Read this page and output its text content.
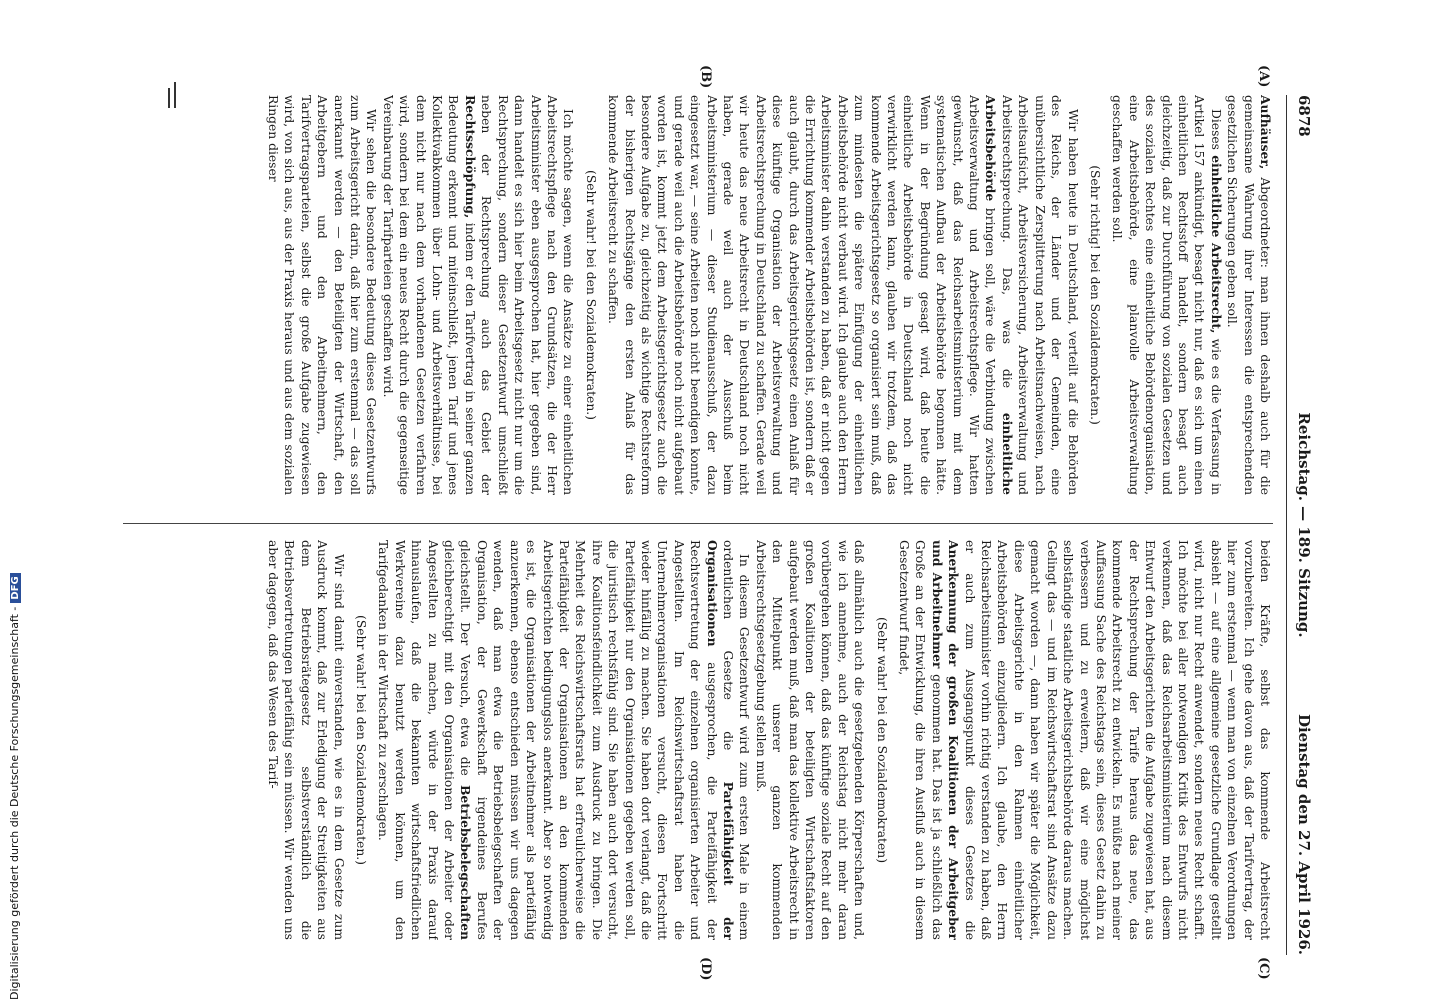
6878
Reichstag. — 189. Sitzung.
Dienstag den 27. April 1926.
(A)
(B)
(C)
(D)

Aufhäuser, Abgeordneter: man ihnen deshalb auch für die gemeinsame Wahrung ihrer Interessen die entsprechenden gesetzlichen Sicherungen geben soll.

Dieses einheitliche Arbeitsrecht, wie es die Verfassung in Artikel 157 ankündigt, besagt nicht nur, daß es sich um einen einheitlichen Rechtsstoff handelt, sondern besagt auch gleichzeitig, daß zur Durchführung von sozialen Gesetzen und des sozialen Rechtes eine einheitliche Behördenorganisation, eine Arbeitsbehörde, eine planvolle Arbeitsverwaltung geschaffen werden soll.

(Sehr richtig! bei den Sozialdemokraten.)

Wir haben heute in Deutschland, verteilt auf die Behörden des Reichs, der Länder und der Gemeinden, eine unübersichtliche Zersplitterung nach Arbeitsnachweisen, nach Arbeitsaufsicht, Arbeitsversicherung, Arbeitsverwaltung und Arbeitsrechtsprechung. Das, was die einheitliche Arbeitsbehörde bringen soll, wäre die Verbindung zwischen Arbeitsverwaltung und Arbeitsrechtspflege. Wir hatten gewünscht, daß das Reichsarbeitsministerium mit dem systematischen Aufbau der Arbeitsbehörde begonnen hätte. Wenn in der Begründung gesagt wird, daß heute die einheitliche Arbeitsbehörde in Deutschland noch nicht verwirklicht werden kann, glauben wir trotzdem, daß das kommende Arbeitsgerichtsgesetz so organisiert sein muß, daß zum mindesten die spätere Einfügung der einheitlichen Arbeitsbehörde nicht verbaut wird. Ich glaube auch den Herrn Arbeitsminister dahin verstanden zu haben, daß er nicht gegen die Errichtung kommender Arbeitsbehörden ist, sondern daß er auch glaubt, durch das Arbeitsgerichtsgesetz einen Anlaß für diese künftige Organisation der Arbeitsverwaltung und Arbeitsrechtsprechung in Deutschland zu schaffen. Gerade weil wir heute das neue Arbeitsrecht in Deutschland noch nicht haben, gerade weil auch der Ausschuß beim Arbeitsministerium — dieser Studienausschuß, der dazu eingesetzt war, — seine Arbeiten noch nicht beendigen konnte, und gerade weil auch die Arbeitsbehörde noch nicht aufgebaut worden ist, kommt jetzt dem Arbeitsgerichtsgesetz auch die besondere Aufgabe zu, gleichzeitig als wichtige Rechtsreform der bisherigen Rechtsgänge den ersten Anlaß für das kommende Arbeitsrecht zu schaffen.

(Sehr wahr! bei den Sozialdemokraten.)

Ich möchte sagen, wenn die Ansätze zu einer einheitlichen Arbeitsrechtspflege nach den Grundsätzen, die der Herr Arbeitsminister eben ausgesprochen hat, hier gegeben sind, dann handelt es sich hier beim Arbeitsgesetz nicht nur um die Rechtsprechung, sondern dieser Gesetzentwurf umschließt neben der Rechtsprechung auch das Gebiet der Rechtsschöpfung, indem er den Tarifvertrag in seiner ganzen Bedeutung erkennt und miteinschließt, jenen Tarif und jenes Kollektivabkommen über Lohn- und Arbeitsverhältnisse, bei dem nicht nur nach dem vorhandenen Gesetzen verfahren wird, sondern bei dem ein neues Recht durch die gegenseitige Vereinbarung der Tarifparteien geschaffen wird.

Wir sehen die besondere Bedeutung dieses Gesetzentwurfs zum Arbeitsgericht darin, daß hier zum erstenmal — das soll anerkannt werden — den Beteiligten der Wirtschaft, den Arbeitgebern und den Arbeitnehmern, den Tarifvertragsparteien, selbst die große Aufgabe zugewiesen wird, von sich aus, aus der Praxis heraus und aus dem sozialen Ringen dieser

beiden Kräfte, selbst das kommende Arbeitsrecht vorzubereiten. Ich gehe davon aus, daß der Tarifvertrag, der hier zum erstenmal — wenn man von einzelnen Verordnungen absieht — auf eine allgemeine gesetzliche Grundlage gestellt wird, nicht nur Recht anwendet, sondern neues Recht schafft. Ich möchte bei aller notwendigen Kritik des Entwurfs nicht verkennen, daß das Reichsarbeitsministerium nach diesem Entwurf den Arbeitsgerichten die Aufgabe zugewiesen hat, aus der Rechtsprechung der Tarife heraus das neue, das kommende Arbeitsrecht zu entwickeln. Es müßte nach meiner Auffassung Sache des Reichstags sein, dieses Gesetz dahin zu verbessern und zu erweitern, daß wir eine möglichst selbständige staatliche Arbeitsgerichtsbehörde daraus machen. Gelingt das — und im Reichswirtschaftsrat sind Ansätze dazu gemacht worden —, dann haben wir später die Möglichkeit, diese Arbeitsgerichte in den Rahmen einheitlicher Arbeitsbehörden einzugliedern. Ich glaube, den Herrn Reichsarbeitsminister vorhin richtig verstanden zu haben, daß er auch zum Ausgangspunkt dieses Gesetzes die Anerkennung der großen Koalitionen der Arbeitgeber und Arbeitnehmer genommen hat. Das ist ja schließlich das Große an der Entwicklung, die ihren Ausfluß auch in diesem Gesetzentwurf findet,

(Sehr wahr! bei den Sozialdemokraten)

daß allmählich auch die gesetzgebenden Körperschaften und, wie ich annehme, auch der Reichstag nicht mehr daran vorübergehen können, daß das künftige soziale Recht auf den großen Koalitionen der beteiligten Wirtschaftsfaktoren aufgebaut werden muß, daß man das kollektive Arbeitsrecht in den Mittelpunkt unserer ganzen kommenden Arbeitsrechtsgesetzgebung stellen muß.

In diesem Gesetzentwurf wird zum ersten Male in einem ordentlichen Gesetze die Parteifähigkeit der Organisationen ausgesprochen, die Parteifähigkeit der Rechtsvertretung der einzelnen organisierten Arbeiter und Angestellten. Im Reichswirtschaftsrat haben die Unternehmerorganisationen versucht, diesen Fortschritt wieder hinfällig zu machen. Sie haben dort verlangt, daß die Parteifähigkeit nur den Organisationen gegeben werden soll, die juristisch rechtsfähig sind. Sie haben auch dort versucht, ihre Koalitionsfeindlichkeit zum Ausdruck zu bringen. Die Mehrheit des Reichswirtschaftsrats hat erfreulicherweise die Parteifähigkeit der Organisationen an den kommenden Arbeitsgerichten bedingungslos anerkannt. Aber so notwendig es ist, die Organisationen der Arbeitnehmer als parteifähig anzuerkennen, ebenso entschieden müssen wir uns dagegen wenden, daß man etwa die Betriebsbelegschaften der Organisation, der Gewerkschaft irgendeines Berufes gleichstellt. Der Versuch, etwa die Betriebsbelegschaften gleichberechtigt mit den Organisationen der Arbeiter oder Angestellten zu machen, würde in der Praxis darauf hinauslaufen, daß die bekannten wirtschaftsfriedlichen Werkvereine dazu benutzt werden können, um den Tarifgedanken in der Wirtschaft zu zerschlagen.

(Sehr wahr! bei den Sozialdemokraten.)

Wir sind damit einverstanden, wie es in dem Gesetze zum Ausdruck kommt, daß zur Erledigung der Streitigkeiten aus dem Betriebsrätegesetz selbstverständlich die Betriebsvertretungen parteifähig sein müssen. Wir wenden uns aber dagegen, daß das Wesen des Tarif-

Digitalisierung gefördert durch die Deutsche Forschungsgemeinschaft -DFG
